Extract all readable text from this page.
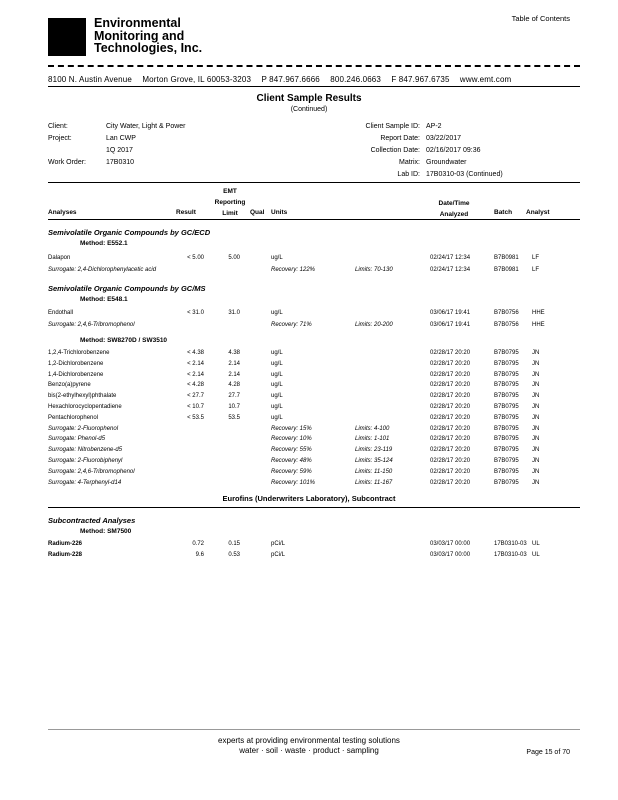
Table of Contents
Environmental
Monitoring and
Technologies, Inc.
8100 N. Austin Avenue Morton Grove, IL 60053-3203 P 847.967.6666 800.246.0663 F 847.967.6735 www.emt.com
Client Sample Results
(Continued)
Client:	City Water, Light & Power
Project:	Lan CWP
1Q 2017
Work Order:	17B0310
Client Sample ID: AP-2
Report Date: 03/22/2017
Collection Date: 02/16/2017 09:36
Matrix: Groundwater
Lab ID: 17B0310-03 (Continued)
Analyses	Result
EMT
Reporting
Limit	Qual Units
Date/Time
Analyzed	Batch Analyst
Semivolatile Organic Compounds by GC/ECD
Method: E552.1
Semivolatile Organic Compounds by GC/MS
Method: E548.1
Method: SW8270D / SW3510
Eurofins (Underwriters Laboratory), Subcontract
Subcontracted Analyses
Method: SM7500
Dalapon	< 5.00	5.00	ug/L	02/24/17 12:34	B7B0981 LF
Surrogate: 2,4-Dichlorophenylacetic acid	Recovery: 122%	Limits: 70-130	02/24/17 12:34	B7B0981 LF
Endothall	< 31.0	31.0	ug/L	03/06/17 19:41	B7B0756 HHE
Surrogate: 2,4,6-Tribromophenol	Recovery: 71%	Limits: 20-200	03/06/17 19:41	B7B0756 HHE
1,2,4-Trichlorobenzene	< 4.38	4.38	ug/L	02/28/17 20:20	B7B0795 JN
1,2-Dichlorobenzene	< 2.14	2.14	ug/L	02/28/17 20:20	B7B0795 JN
1,4-Dichlorobenzene	< 2.14	2.14	ug/L	02/28/17 20:20	B7B0795 JN
Benzo(a)pyrene	< 4.28	4.28	ug/L	02/28/17 20:20	B7B0795 JN
bis(2-ethylhexyl)phthalate	< 27.7	27.7	ug/L	02/28/17 20:20	B7B0795 JN
Hexachlorocyclopentadiene	< 10.7	10.7	ug/L	02/28/17 20:20	B7B0795 JN
Pentachlorophenol	< 53.5	53.5	ug/L	02/28/17 20:20	B7B0795 JN
Surrogate: 2-Fluorophenol	Recovery: 15%	Limits: 4-100	02/28/17 20:20	B7B0795 JN
Surrogate: Phenol-d5	Recovery: 10%	Limits: 1-101	02/28/17 20:20	B7B0795 JN
Surrogate: Nitrobenzene-d5	Recovery: 55%	Limits: 23-119	02/28/17 20:20	B7B0795 JN
Surrogate: 2-Fluorobiphenyl	Recovery: 48%	Limits: 35-124	02/28/17 20:20	B7B0795 JN
Surrogate: 2,4,6-Tribromophenol	Recovery: 59%	Limits: 11-150	02/28/17 20:20	B7B0795 JN
Surrogate: 4-Terphenyl-d14	Recovery: 101%	Limits: 11-167	02/28/17 20:20	B7B0795 JN
Radium-226	0.72	0.15	pCi/L	03/03/17 00:00	17B0310-03 UL
Radium-228	9.6	0.53	pCi/L	03/03/17 00:00	17B0310-03 UL
experts at providing environmental testing solutions
water · soil · waste · product · sampling	Page 15 of 70
